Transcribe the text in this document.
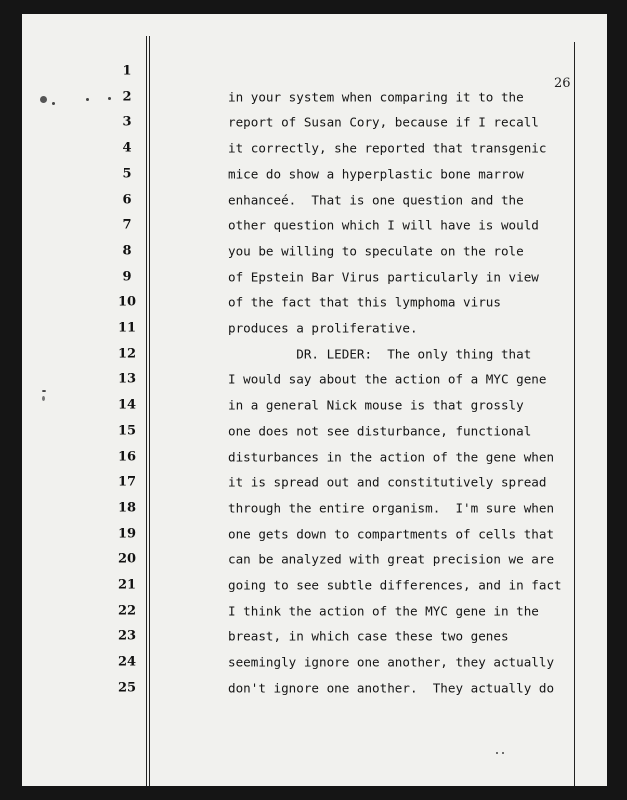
26
1
2
3
4
5
6
7
8
9
10
11
12
13
14
15
16
17
18
19
20
21
22
23
24
25
in your system when comparing it to the
report of Susan Cory, because if I recall
it correctly, she reported that transgenic
mice do show a hyperplastic bone marrow
enhanceé.  That is one question and the
other question which I will have is would
you be willing to speculate on the role
of Epstein Bar Virus particularly in view
of the fact that this lymphoma virus
produces a proliferative.
DR. LEDER:  The only thing that
I would say about the action of a MYC gene
in a general Nick mouse is that grossly
one does not see disturbance, functional
disturbances in the action of the gene when
it is spread out and constitutively spread
through the entire organism.  I'm sure when
one gets down to compartments of cells that
can be analyzed with great precision we are
going to see subtle differences, and in fact
I think the action of the MYC gene in the
breast, in which case these two genes
seemingly ignore one another, they actually
don't ignore one another.  They actually do
